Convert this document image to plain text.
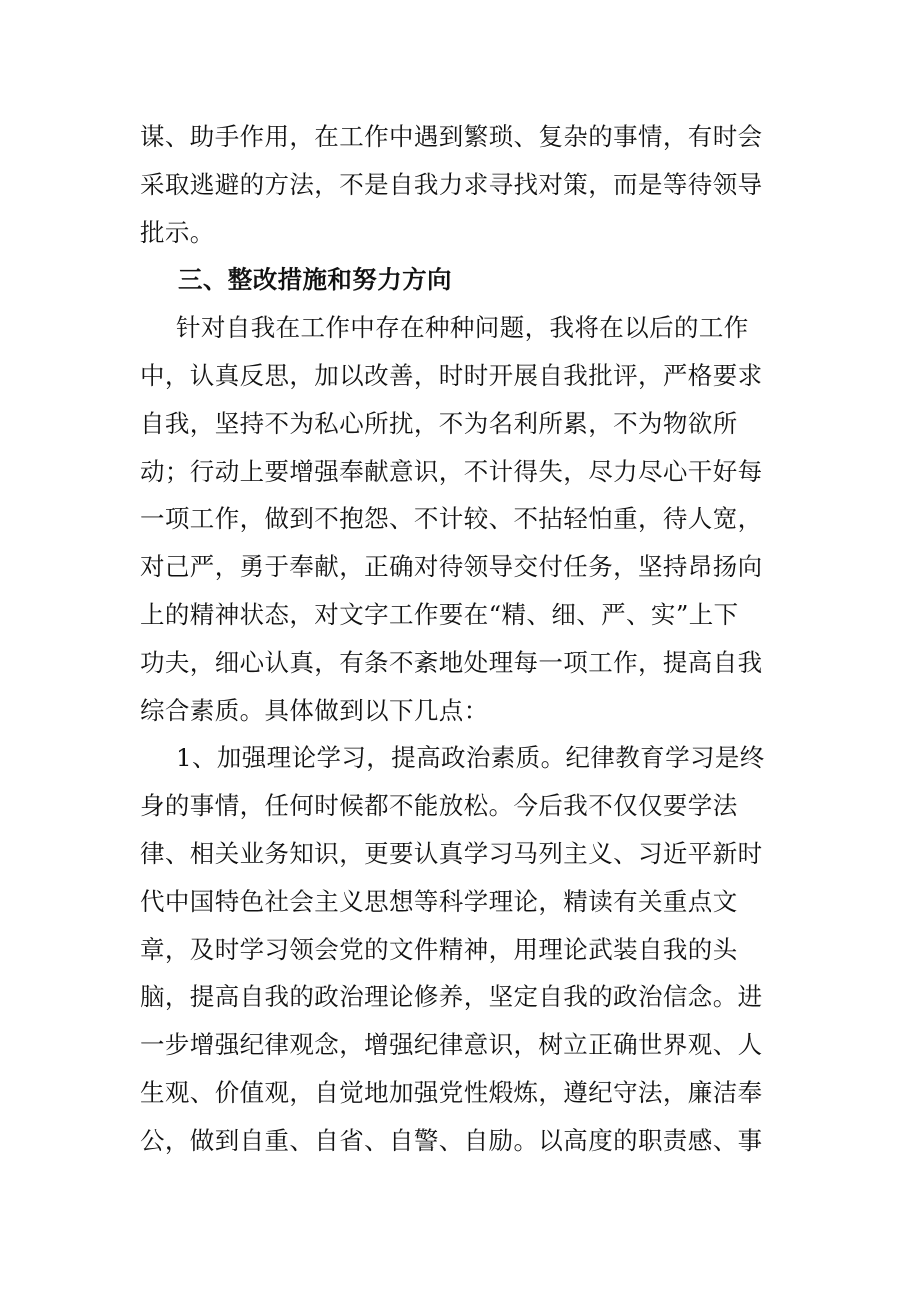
谋、助手作用，在工作中遇到繁琐、复杂的事情，有时会
采取逃避的方法，不是自我力求寻找对策，而是等待领导
批示。
三、整改措施和努力方向
针对自我在工作中存在种种问题，我将在以后的工作
中，认真反思，加以改善，时时开展自我批评，严格要求
自我，坚持不为私心所扰，不为名利所累，不为物欲所
动；行动上要增强奉献意识，不计得失，尽力尽心干好每
一项工作，做到不抱怨、不计较、不拈轻怕重，待人宽，
对己严，勇于奉献，正确对待领导交付任务，坚持昂扬向
上的精神状态，对文字工作要在“精、细、严、实”上下
功夫，细心认真，有条不紊地处理每一项工作，提高自我
综合素质。具体做到以下几点：
1、加强理论学习，提高政治素质。纪律教育学习是终
身的事情，任何时候都不能放松。今后我不仅仅要学法
律、相关业务知识，更要认真学习马列主义、习近平新时
代中国特色社会主义思想等科学理论，精读有关重点文
章，及时学习领会党的文件精神，用理论武装自我的头
脑，提高自我的政治理论修养，坚定自我的政治信念。进
一步增强纪律观念，增强纪律意识，树立正确世界观、人
生观、价值观，自觉地加强党性煅炼，遵纪守法，廉洁奉
公，做到自重、自省、自警、自励。以高度的职责感、事
